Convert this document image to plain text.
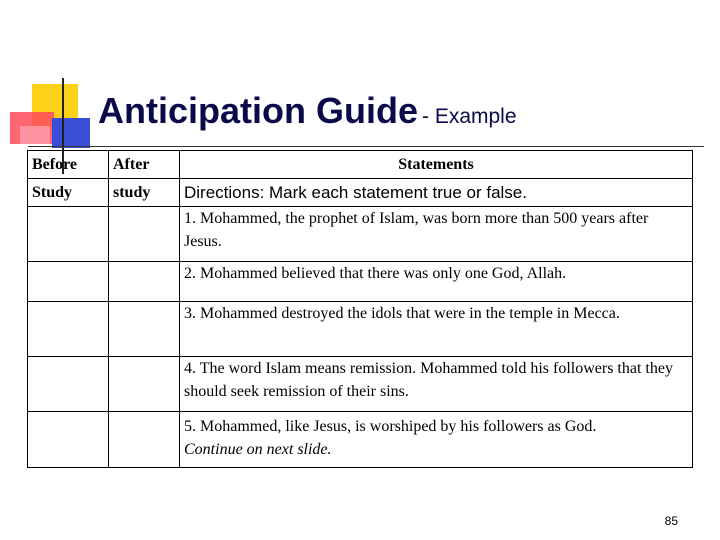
Anticipation Guide - Example
Before	After	Statements
Study	study	Directions: Mark each statement true or false.
		1. Mohammed, the prophet of Islam, was born more than 500 years after Jesus.
		2. Mohammed believed that there was only one God, Allah.
		3. Mohammed destroyed the idols that were in the temple in Mecca.
		4. The word Islam means remission. Mohammed told his followers that they should seek remission of their sins.

		5. Mohammed, like Jesus, is worshiped by his followers as God.
Continue on next slide.
85
